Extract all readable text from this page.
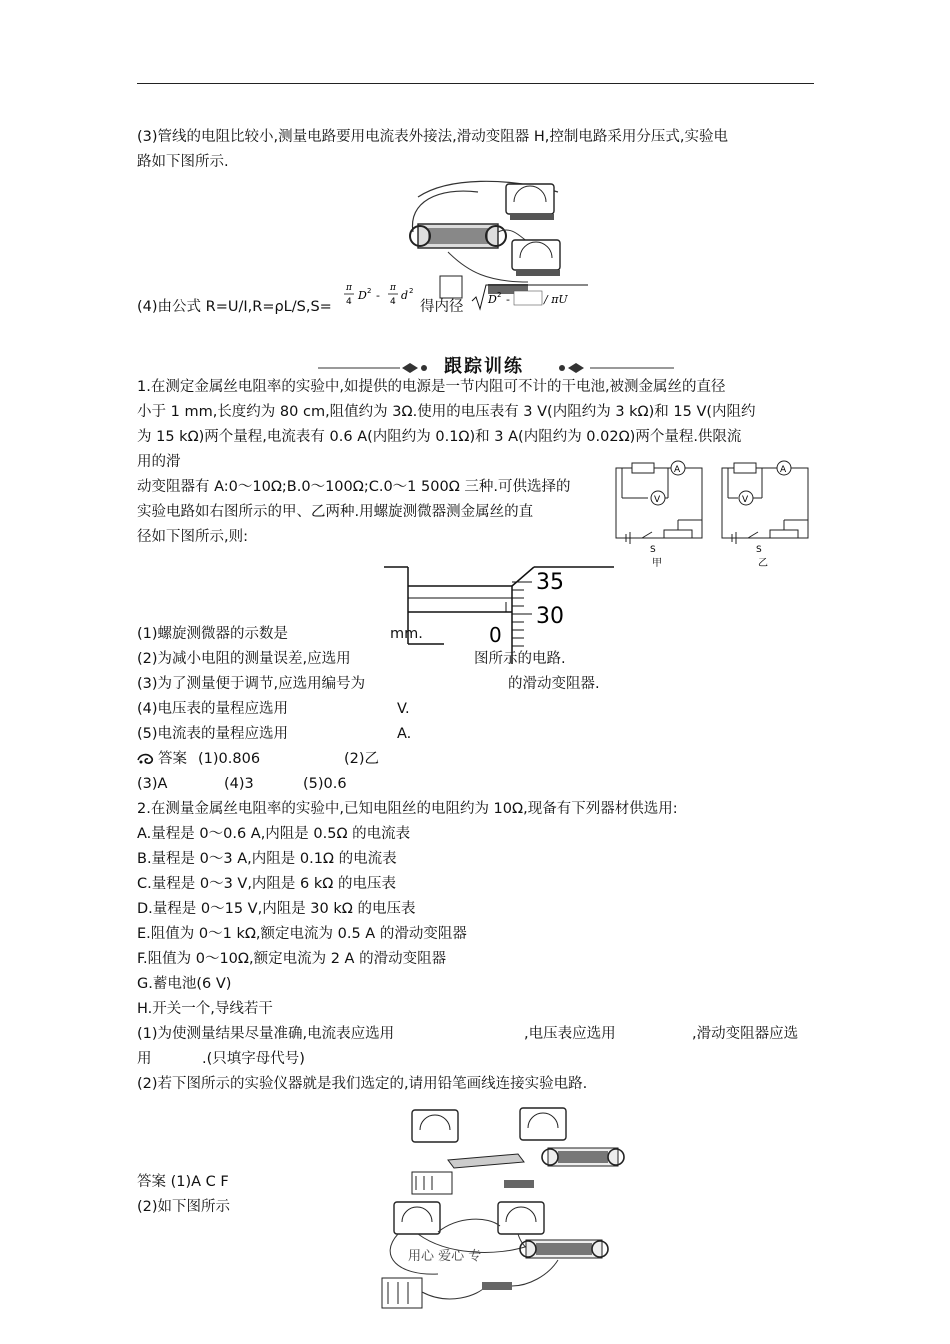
(3)管线的电阻比较小,测量电路要用电流表外接法,滑动变阻器 H,控制电路采用分压式,实验电
路如下图所示.
(4)由公式 R=U/I,R=ρL/S,S=
π
4 D 2 -
π
4 d 2
得内径 D 2 -	/ πU
跟踪训练
1.在测定金属丝电阻率的实验中,如提供的电源是一节内阻可不计的干电池,被测金属丝的直径
小于 1 mm,长度约为 80 cm,阻值约为 3Ω.使用的电压表有 3 V(内阻约为 3 kΩ)和 15 V(内阻约
为 15 kΩ)两个量程,电流表有 0.6 A(内阻约为 0.1Ω)和 3 A(内阻约为 0.02Ω)两个量程.供限流
用的滑
动变阻器有 A:0～10Ω;B.0～100Ω;C.0～1 500Ω 三种.可供选择的
实验电路如右图所示的甲、乙两种.用螺旋测微器测金属丝的直
径如下图所示,则:
A
V
S
甲
A
V
S
乙
35
30
0
(1)螺旋测微器的示数是	mm.
(2)为减小电阻的测量误差,应选用	图所示的电路.
(3)为了测量便于调节,应选用编号为	的滑动变阻器.
(4)电压表的量程应选用	V.
(5)电流表的量程应选用	A.
答案 (1)0.806	(2)乙
(3)A	(4)3	(5)0.6
2.在测量金属丝电阻率的实验中,已知电阻丝的电阻约为 10Ω,现备有下列器材供选用:
A.量程是 0～0.6 A,内阻是 0.5Ω 的电流表
B.量程是 0～3 A,内阻是 0.1Ω 的电流表
C.量程是 0～3 V,内阻是 6 kΩ 的电压表
D.量程是 0～15 V,内阻是 30 kΩ 的电压表
E.阻值为 0～1 kΩ,额定电流为 0.5 A 的滑动变阻器
F.阻值为 0～10Ω,额定电流为 2 A 的滑动变阻器
G.蓄电池(6 V)
H.开关一个,导线若干
(1)为使测量结果尽量准确,电流表应选用	,电压表应选用	,滑动变阻器应选
用	.(只填字母代号)
(2)若下图所示的实验仪器就是我们选定的,请用铅笔画线连接实验电路.
答案 (1)A C F
(2)如下图所示
用心 爱心 专
